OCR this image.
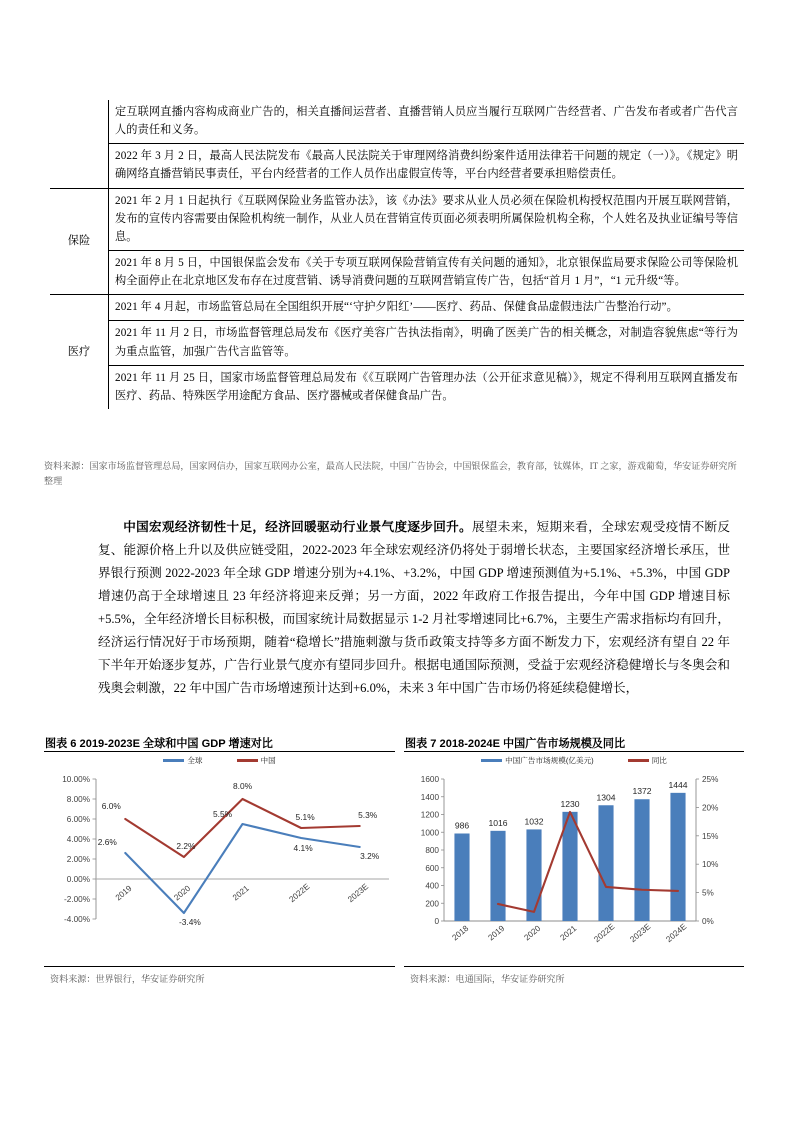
	定互联网直播内容构成商业广告的，相关直播间运营者、直播营销人员应当履行互联网广告经营者、广告发布者或者广告代言人的责任和义务。
	2022 年 3 月 2 日，最高人民法院发布《最高人民法院关于审理网络消费纠纷案件适用法律若干问题的规定（一）》。《规定》明确网络直播营销民事责任，平台内经营者的工作人员作出虚假宣传等，平台内经营者要承担赔偿责任。
保险	2021 年 2 月 1 日起执行《互联网保险业务监管办法》，该《办法》要求从业人员必须在保险机构授权范围内开展互联网营销，发布的宣传内容需要由保险机构统一制作，从业人员在营销宣传页面必须表明所属保险机构全称，个人姓名及执业证编号等信息。
	2021 年 8 月 5 日，中国银保监会发布《关于专项互联网保险营销宣传有关问题的通知》，北京银保监局要求保险公司等保险机构全面停止在北京地区发布存在过度营销、诱导消费问题的互联网营销宣传广告，包括“首月 1 月”，“1 元升级“等。
医疗	2021 年 4 月起，市场监管总局在全国组织开展“‘守护夕阳红’——医疗、药品、保健食品虚假违法广告整治行动”。
	2021 年 11 月 2 日，市场监督管理总局发布《医疗美容广告执法指南》，明确了医美广告的相关概念，对制造容貌焦虑“等行为为重点监管，加强广告代言监管等。
	2021 年 11 月 25 日，国家市场监督管理总局发布《《互联网广告管理办法（公开征求意见稿）》，规定不得利用互联网直播发布医疗、药品、特殊医学用途配方食品、医疗器械或者保健食品广告。
资料来源：国家市场监督管理总局，国家网信办，国家互联网办公室，最高人民法院，中国广告协会，中国银保监会，教育部，钛媒体，IT 之家，游戏葡萄，华安证券研究所整理

中国宏观经济韧性十足，经济回暖驱动行业景气度逐步回升。展望未来，短期来看，全球宏观受疫情不断反复、能源价格上升以及供应链受阻，2022-2023 年全球宏观经济仍将处于弱增长状态，主要国家经济增长承压，世界银行预测 2022-2023 年全球 GDP 增速分别为+4.1%、+3.2%，中国 GDP 增速预测值为+5.1%、+5.3%，中国 GDP 增速仍高于全球增速且 23 年经济将迎来反弹；另一方面，2022 年政府工作报告提出，今年中国 GDP 增速目标+5.5%，全年经济增长目标积极，而国家统计局数据显示 1-2 月社零增速同比+6.7%，主要生产需求指标均有回升，经济运行情况好于市场预期，随着“稳增长”措施刺激与货币政策支持等多方面不断发力下，宏观经济有望自 22 年下半年开始逐步复苏，广告行业景气度亦有望同步回升。根据电通国际预测，受益于宏观经济稳健增长与冬奥会和残奥会刺激，22 年中国广告市场增速预计达到+6.0%，未来 3 年中国广告市场仍将延续稳健增长，

图表 6 2019-2023E 全球和中国 GDP 增速对比
全球	中国
-4.00%
-2.00%
0.00%
2.00%
4.00%
6.00%
8.00%
10.00%
2019	2020	2021	2022E	2023E
6.0%
2.2%
8.0%
5.1%	5.3%
2.6%
-3.4%
5.5%
4.1%
3.2%
资料来源：世界银行，华安证券研究所
图表 7 2018-2024E 中国广告市场规模及同比
中国广告市场规模(亿美元)	同比
0
200
400
600
800
1000
1200
1400
1600
0%
5%
10%
15%
20%
25%
986 1016 1032
1230
1304
1372
1444
2018 2019 2020 2021 2022E 2023E 2024E
资料来源：电通国际，华安证券研究所
